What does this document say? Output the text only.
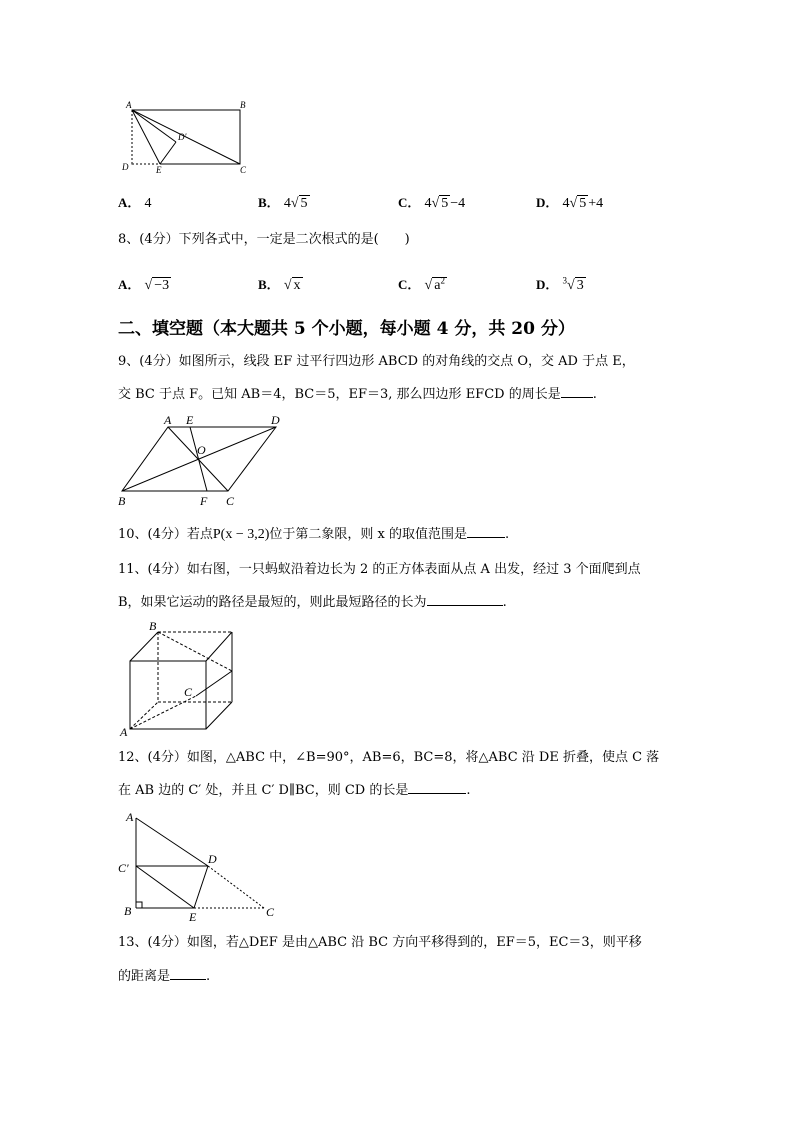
A	B
D	E	C
D′
A． 4	B． 4√ 5	C． 4√ 5 −4	D． 4√ 5 +4
8、(4分）下列各式中，一定是二次根式的是(　　)
A． √ −3	B． √ x	C． √ $a^2$	D． $^3$√ 3
二、填空题（本大题共 5 个小题，每小题 4 分，共 20 分）
9、(4分）如图所示，线段 EF 过平行四边形 ABCD 的对角线的交点 O，交 AD 于点 E，
交 BC 于点 F。已知 AB＝4，BC＝5，EF＝3, 那么四边形 EFCD 的周长是 .
A E	D
O
B	F C
10、(4分）若点P(x − 3,2)位于第二象限，则 x 的取值范围是	.
11、(4分）如右图，一只蚂蚁沿着边长为 2 的正方体表面从点 A 出发，经过 3 个面爬到点
B，如果它运动的路径是最短的，则此最短路径的长为	.
B
C
A
12、(4分）如图，△ABC 中，∠B=90°，AB=6，BC=8，将△ABC 沿 DE 折叠，使点 C 落
在 AB 边的 C′ 处，并且 C′ D∥BC，则 CD 的长是	.
A
C′
D
B	E	C
13、(4分）如图，若△DEF 是由△ABC 沿 BC 方向平移得到的，EF＝5，EC＝3，则平移
的距离是	.
